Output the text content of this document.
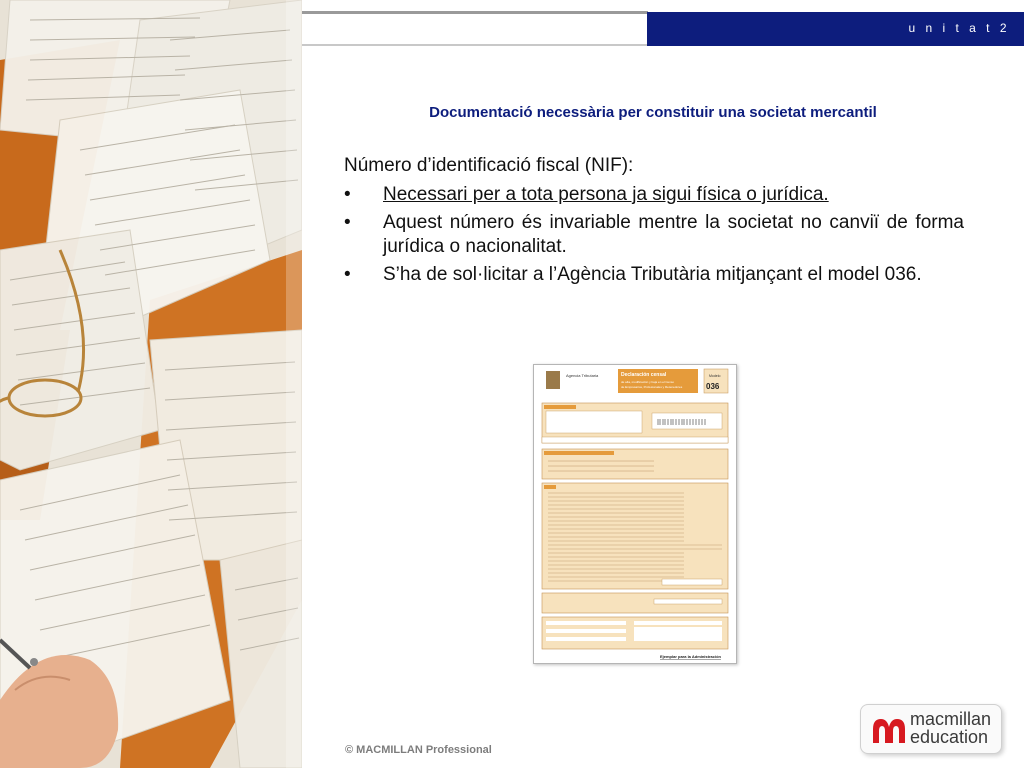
u n i t a t 2
Documentació necessària per constituir una societat mercantil
Número d’identificació fiscal (NIF):
•	Necessari per a tota persona ja sigui física o jurídica.
•	Aquest número és invariable mentre la societat no canviï de forma jurídica o nacionalitat.
•	S’ha de sol·licitar a l’Agència Tributària mitjançant el model 036.
Agencia Tributaria	Declaración censal
de alta, modificación y baja en el Censo
de Empresarios, Profesionales y Retenedores
Modelo
036
Ejemplar para la Administración
© MACMILLAN Professional
macmillan
education
